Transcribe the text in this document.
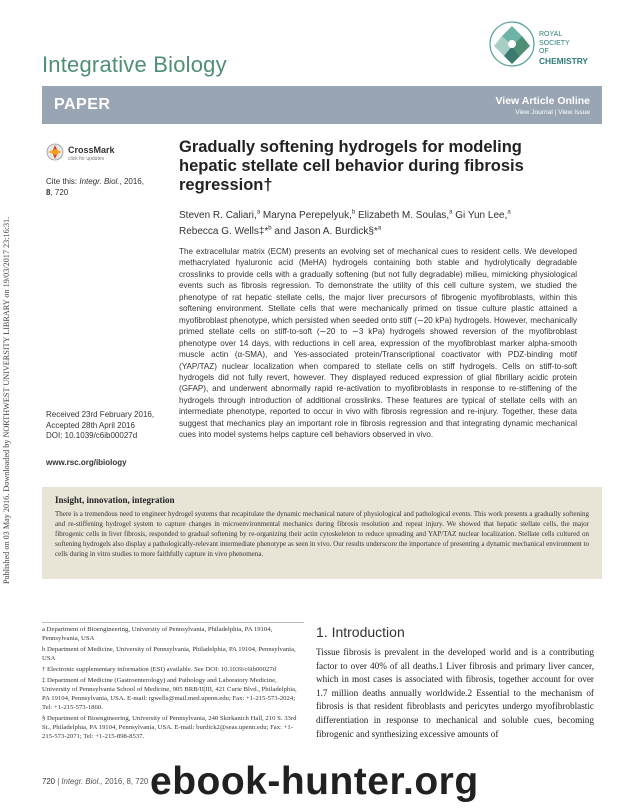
Published on 03 May 2016. Downloaded by NORTHWEST UNIVERSITY LIBRARY on 19/03/2017 23:16:31.
Integrative Biology
ROYAL SOCIETY
OF
CHEMISTRY
PAPER	View Article Online
View Journal | View Issue
CrossMark
click for updates
Cite this: Integr. Biol., 2016,
8, 720
Received 23rd February 2016,
Accepted 28th April 2016
DOI: 10.1039/c6ib00027d
www.rsc.org/ibiology
Gradually softening hydrogels for modeling hepatic stellate cell behavior during fibrosis regression†
Steven R. Caliari,$^a$ Maryna Perepelyuk,$^b$ Elizabeth M. Soulas,$^a$ Gi Yun Lee,$^a$
Rebecca G. Wells‡*$^b$ and Jason A. Burdick§*$^a$
The extracellular matrix (ECM) presents an evolving set of mechanical cues to resident cells. We developed methacrylated hyaluronic acid (MeHA) hydrogels containing both stable and hydrolytically degradable crosslinks to provide cells with a gradually softening (but not fully degradable) milieu, mimicking physiological events such as fibrosis regression. To demonstrate the utility of this cell culture system, we studied the phenotype of rat hepatic stellate cells, the major liver precursors of fibrogenic myofibroblasts, within this softening environment. Stellate cells that were mechanically primed on tissue culture plastic attained a myofibroblast phenotype, which persisted when seeded onto stiff (∼20 kPa) hydrogels. However, mechanically primed stellate cells on stiff-to-soft (∼20 to ∼3 kPa) hydrogels showed reversion of the myofibroblast phenotype over 14 days, with reductions in cell area, expression of the myofibroblast marker alpha-smooth muscle actin (α-SMA), and Yes-associated protein/Transcriptional coactivator with PDZ-binding motif (YAP/TAZ) nuclear localization when compared to stellate cells on stiff hydrogels. Cells on stiff-to-soft hydrogels did not fully revert, however. They displayed reduced expression of glial fibrillary acidic protein (GFAP), and underwent abnormally rapid re-activation to myofibroblasts in response to re-stiffening of the hydrogels through introduction of additional crosslinks. These features are typical of stellate cells with an intermediate phenotype, reported to occur in vivo with fibrosis regression and re-injury. Together, these data suggest that mechanics play an important role in fibrosis regression and that integrating dynamic mechanical cues into model systems helps capture cell behaviors observed in vivo.
Insight, innovation, integration
There is a tremendous need to engineer hydrogel systems that recapitulate the dynamic mechanical nature of physiological and pathological events. This work presents a gradually softening and re-stiffening hydrogel system to capture changes in microenvironmental mechanics during fibrosis resolution and repeat injury. We showed that hepatic stellate cells, the major fibrogenic cells in liver fibrosis, responded to gradual softening by re-organizing their actin cytoskeleton to reduce spreading and YAP/TAZ nuclear localization. Stellate cells cultured on softening hydrogels also display a pathologically-relevant intermediate phenotype as seen in vivo. Our results underscore the importance of presenting a dynamic mechanical environment to cells during in vitro studies to more faithfully capture in vivo phenomena.
a Department of Bioengineering, University of Pennsylvania, Philadelphia, PA 19104, Pennsylvania, USA
b Department of Medicine, University of Pennsylvania, Philadelphia, PA 19104, Pennsylvania, USA
† Electronic supplementary information (ESI) available. See DOI: 10.1039/c6ib00027d
‡ Department of Medicine (Gastroenterology) and Pathology and Laboratory Medicine, University of Pennsylvania School of Medicine, 905 BRB/II|III, 421 Curie Blvd., Philadelphia, PA 19104, Pennsylvania, USA. E-mail: rgwells@mail.med.upenn.edu; Fax: +1-215-573-2024; Tel: +1-215-573-1860.
§ Department of Bioengineering, University of Pennsylvania, 240 Skirkanich Hall, 210 S. 33rd St., Philadelphia, PA 19104, Pennsylvania, USA. E-mail: burdick2@seas.upenn.edu; Fax: +1-215-573-2071; Tel: +1-215-898-8537.
1. Introduction
Tissue fibrosis is prevalent in the developed world and is a contributing factor to over 40% of all deaths.1 Liver fibrosis and primary liver cancer, which in most cases is associated with fibrosis, together account for over 1.7 million deaths annually worldwide.2 Essential to the mechanism of fibrosis is that resident fibroblasts and pericytes undergo myofibroblastic differentiation in response to mechanical and soluble cues, becoming fibrogenic and synthesizing excessive amounts of
720 | Integr. Biol., 2016, 8, 720 ebook-hunter.org
